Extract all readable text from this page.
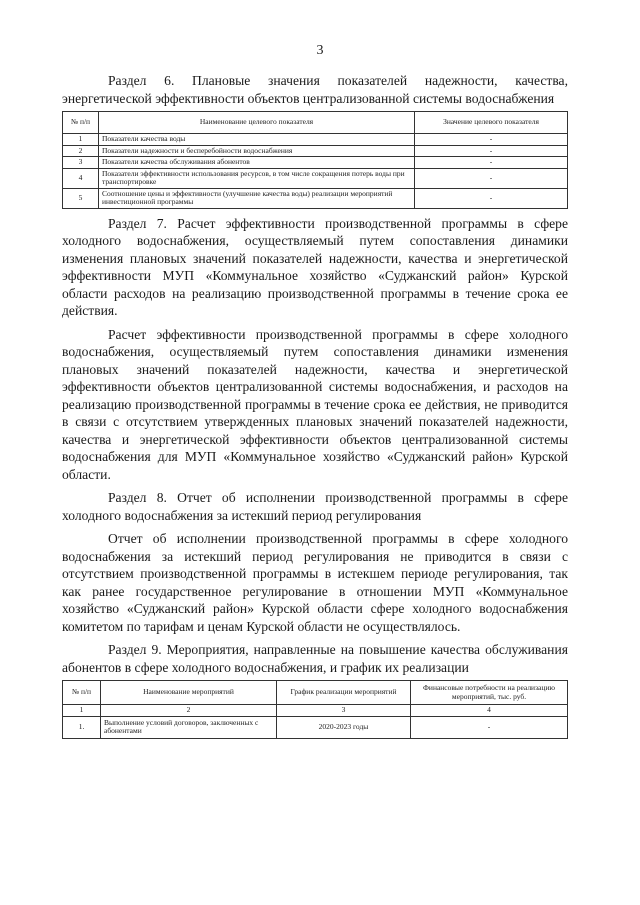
3

Раздел 6. Плановые значения показателей надежности, качества, энергетической эффективности объектов централизованной системы водоснабжения

№ п/п	Наименование целевого показателя	Значение целевого показателя
1	Показатели качества воды	-
2	Показатели надежности и бесперебойности водоснабжения	-
3	Показатели качества обслуживания абонентов	-
4	Показатели эффективности использования ресурсов, в том числе сокращения потерь воды при транспортировке	-
5	Соотношение цены и эффективности (улучшение качества воды) реализации мероприятий инвестиционной программы	-

Раздел 7. Расчет эффективности производственной программы в сфере холодного водоснабжения, осуществляемый путем сопоставления динамики изменения плановых значений показателей надежности, качества и энергетической эффективности МУП «Коммунальное хозяйство «Суджанский район» Курской области расходов на реализацию производственной программы в течение срока ее действия.

Расчет эффективности производственной программы в сфере холодного водоснабжения, осуществляемый путем сопоставления динамики изменения плановых значений показателей надежности, качества и энергетической эффективности объектов централизованной системы водоснабжения, и расходов на реализацию производственной программы в течение срока ее действия, не приводится в связи с отсутствием утвержденных плановых значений показателей надежности, качества и энергетической эффективности объектов централизованной системы водоснабжения для МУП «Коммунальное хозяйство «Суджанский район» Курской области.

Раздел 8. Отчет об исполнении производственной программы в сфере холодного водоснабжения за истекший период регулирования

Отчет об исполнении производственной программы в сфере холодного водоснабжения за истекший период регулирования не приводится в связи с отсутствием производственной программы в истекшем периоде регулирования, так как ранее государственное регулирование в отношении МУП «Коммунальное хозяйство «Суджанский район» Курской области сфере холодного водоснабжения комитетом по тарифам и ценам Курской области не осуществлялось.

Раздел 9. Мероприятия, направленные на повышение качества обслуживания абонентов в сфере холодного водоснабжения, и график их реализации

№ п/п	Наименование мероприятий	График реализации мероприятий	Финансовые потребности на реализацию мероприятий, тыс. руб.
1	2	3	4
1.	Выполнение условий договоров, заключенных с абонентами	2020-2023 годы	-
